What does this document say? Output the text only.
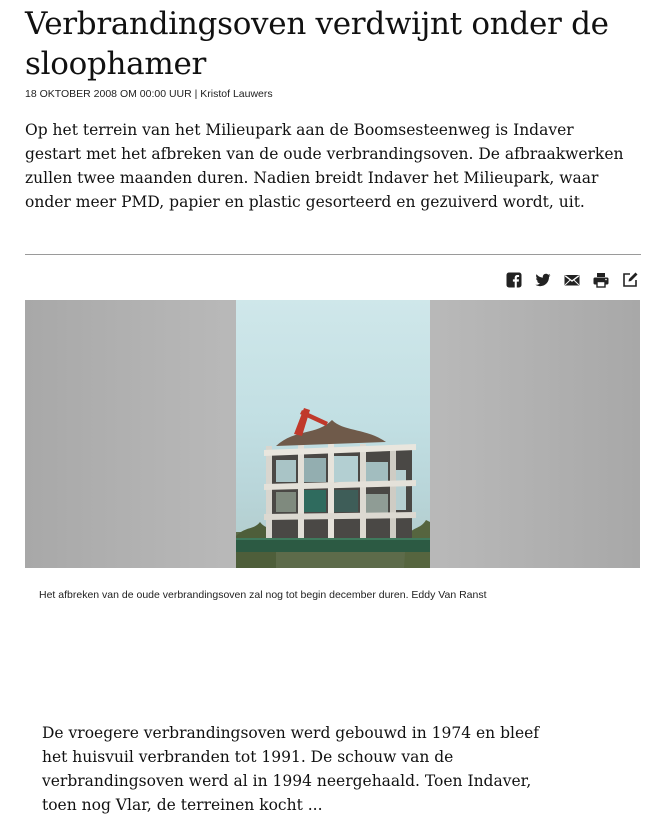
Verbrandingsoven verdwijnt onder de sloophamer
18 OKTOBER 2008 OM 00:00 UUR | Kristof Lauwers

Op het terrein van het Milieupark aan de Boomsesteenweg is Indaver gestart met het afbreken van de oude verbrandingsoven. De afbraakwerken zullen twee maanden duren. Nadien breidt Indaver het Milieupark, waar onder meer PMD, papier en plastic gesorteerd en gezuiverd wordt, uit.

Het afbreken van de oude verbrandingsoven zal nog tot begin december duren. Eddy Van Ranst

De vroegere verbrandingsoven werd gebouwd in 1974 en bleef het huisvuil verbranden tot 1991. De schouw van de verbrandingsoven werd al in 1994 neergehaald. Toen Indaver, toen nog Vlar, de terreinen kocht ...
